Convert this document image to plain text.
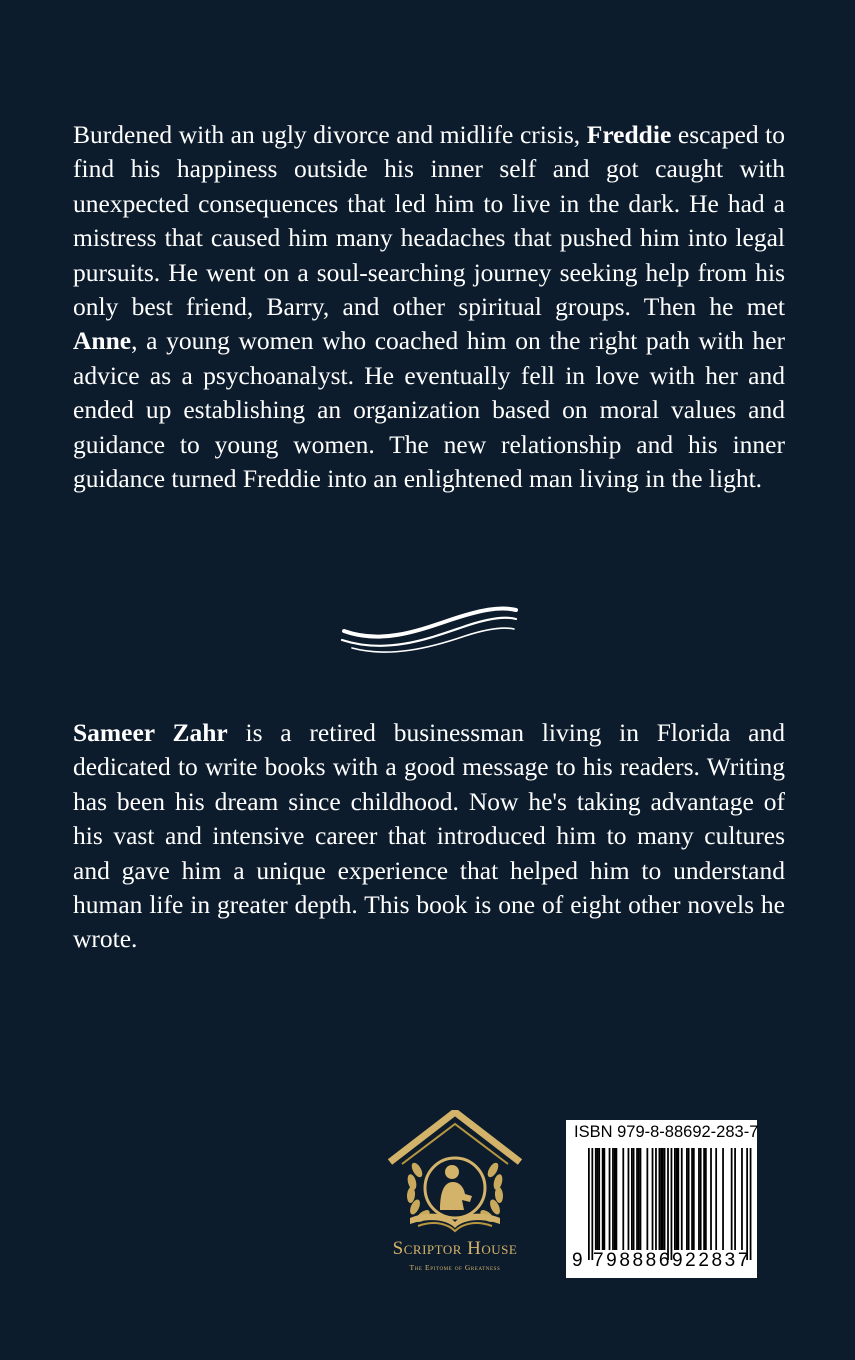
Burdened with an ugly divorce and midlife crisis, Freddie escaped to find his happiness outside his inner self and got caught with unexpected consequences that led him to live in the dark. He had a mistress that caused him many headaches that pushed him into legal pursuits. He went on a soul-searching journey seeking help from his only best friend, Barry, and other spiritual groups. Then he met Anne, a young women who coached him on the right path with her advice as a psychoanalyst. He eventually fell in love with her and ended up establishing an organization based on moral values and guidance to young women. The new relationship and his inner guidance turned Freddie into an enlightened man living in the light.

Sameer Zahr is a retired businessman living in Florida and dedicated to write books with a good message to his readers. Writing has been his dream since childhood. Now he's taking advantage of his vast and intensive career that introduced him to many cultures and gave him a unique experience that helped him to understand human life in greater depth. This book is one of eight other novels he wrote.

Scriptor House
The Epitome of Greatness
ISBN 979-8-88692-283-7
9 798886 922837
